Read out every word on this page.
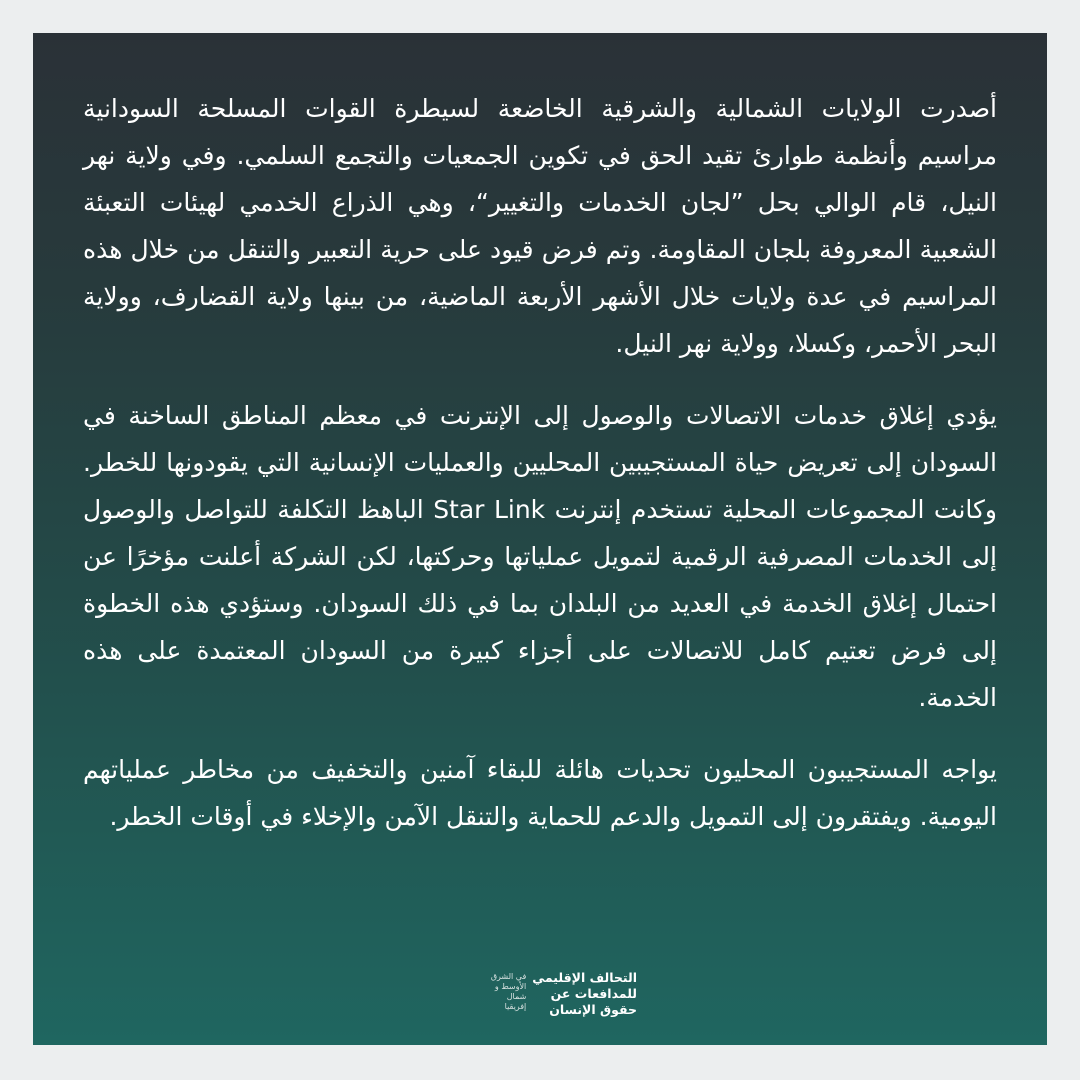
أصدرت الولايات الشمالية والشرقية الخاضعة لسيطرة القوات المسلحة السودانية مراسيم وأنظمة طوارئ تقيد الحق في تكوين الجمعيات والتجمع السلمي. وفي ولاية نهر النيل، قام الوالي بحل ”لجان الخدمات والتغيير“، وهي الذراع الخدمي لهيئات التعبئة الشعبية المعروفة بلجان المقاومة. وتم فرض قيود على حرية التعبير والتنقل من خلال هذه المراسيم في عدة ولايات خلال الأشهر الأربعة الماضية، من بينها ولاية القضارف، وولاية البحر الأحمر، وكسلا، وولاية نهر النيل.

يؤدي إغلاق خدمات الاتصالات والوصول إلى الإنترنت في معظم المناطق الساخنة في السودان إلى تعريض حياة المستجيبين المحليين والعمليات الإنسانية التي يقودونها للخطر. وكانت المجموعات المحلية تستخدم إنترنت Star Link الباهظ التكلفة للتواصل والوصول إلى الخدمات المصرفية الرقمية لتمويل عملياتها وحركتها، لكن الشركة أعلنت مؤخرًا عن احتمال إغلاق الخدمة في العديد من البلدان بما في ذلك السودان. وستؤدي هذه الخطوة إلى فرض تعتيم كامل للاتصالات على أجزاء كبيرة من السودان المعتمدة على هذه الخدمة.

يواجه المستجيبون المحليون تحديات هائلة للبقاء آمنين والتخفيف من مخاطر عملياتهم اليومية. ويفتقرون إلى التمويل والدعم للحماية والتنقل الآمن والإخلاء في أوقات الخطر.

التحالف الإقليمي
للمدافعات عن
حقوق الإنسان
في الشرق
الأوسط و
شمال
إفريقيا
